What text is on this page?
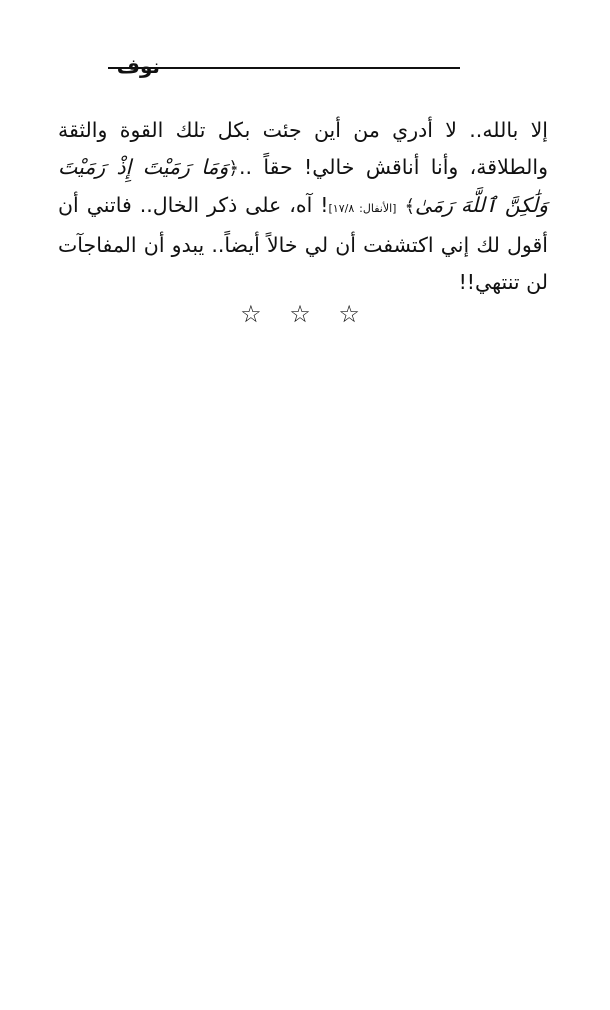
نوف

إلا بالله.. لا أدري من أين جئت بكل تلك القوة والثقة والطلاقة، وأنا أناقش خالي! حقاً ..﴿وَمَا رَمَيْتَ إِذْ رَمَيْتَ وَلَٰكِنَّ ٱللَّهَ رَمَىٰ﴾ [الأنفال: ١٧/٨]! آه، على ذكر الخال.. فاتني أن أقول لك إني اكتشفت أن لي خالاً أيضاً.. يبدو أن المفاجآت لن تنتهي!!

☆ ☆ ☆
